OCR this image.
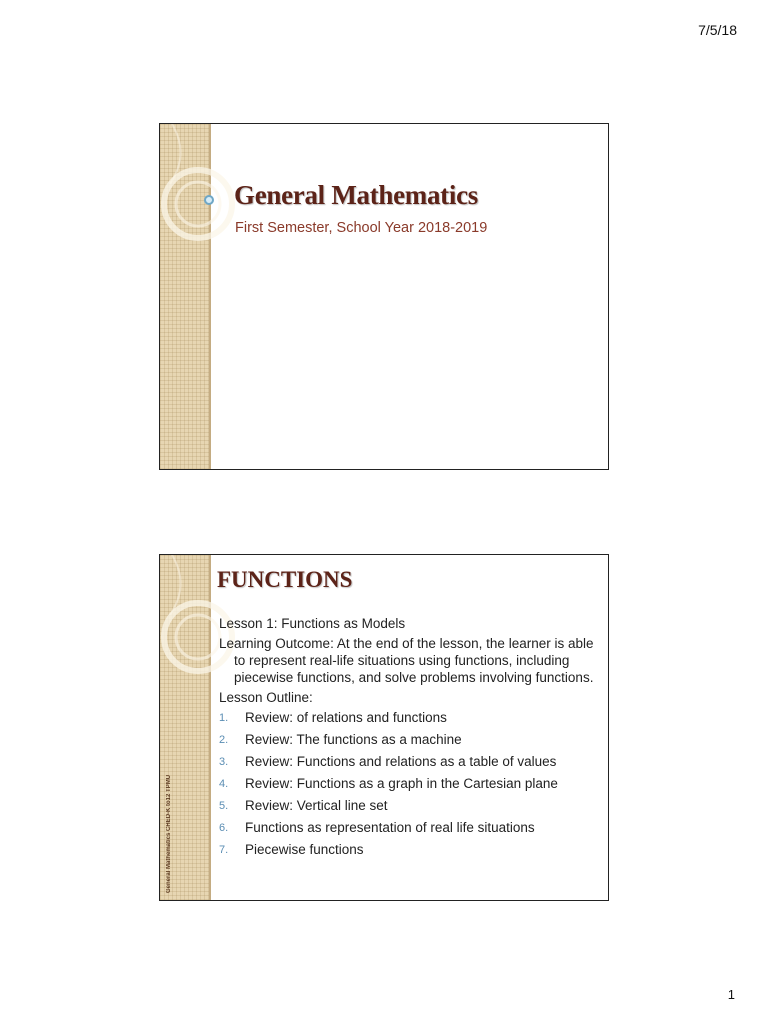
7/5/18
General Mathematics
First Semester, School Year 2018-2019
FUNCTIONS

Lesson 1: Functions as Models

Learning Outcome: At the end of the lesson, the learner is able to represent real-life situations using functions, including piecewise functions, and solve problems involving functions.

Lesson Outline:

1. Review: of relations and functions
2. Review: The functions as a machine
3. Review: Functions and relations as a table of values
4. Review: Functions as a graph in the Cartesian plane
5. Review: Vertical line set
6. Functions as representation of real life situations
7. Piecewise functions
General Mathematics CHED-K to12 TPMU
1
